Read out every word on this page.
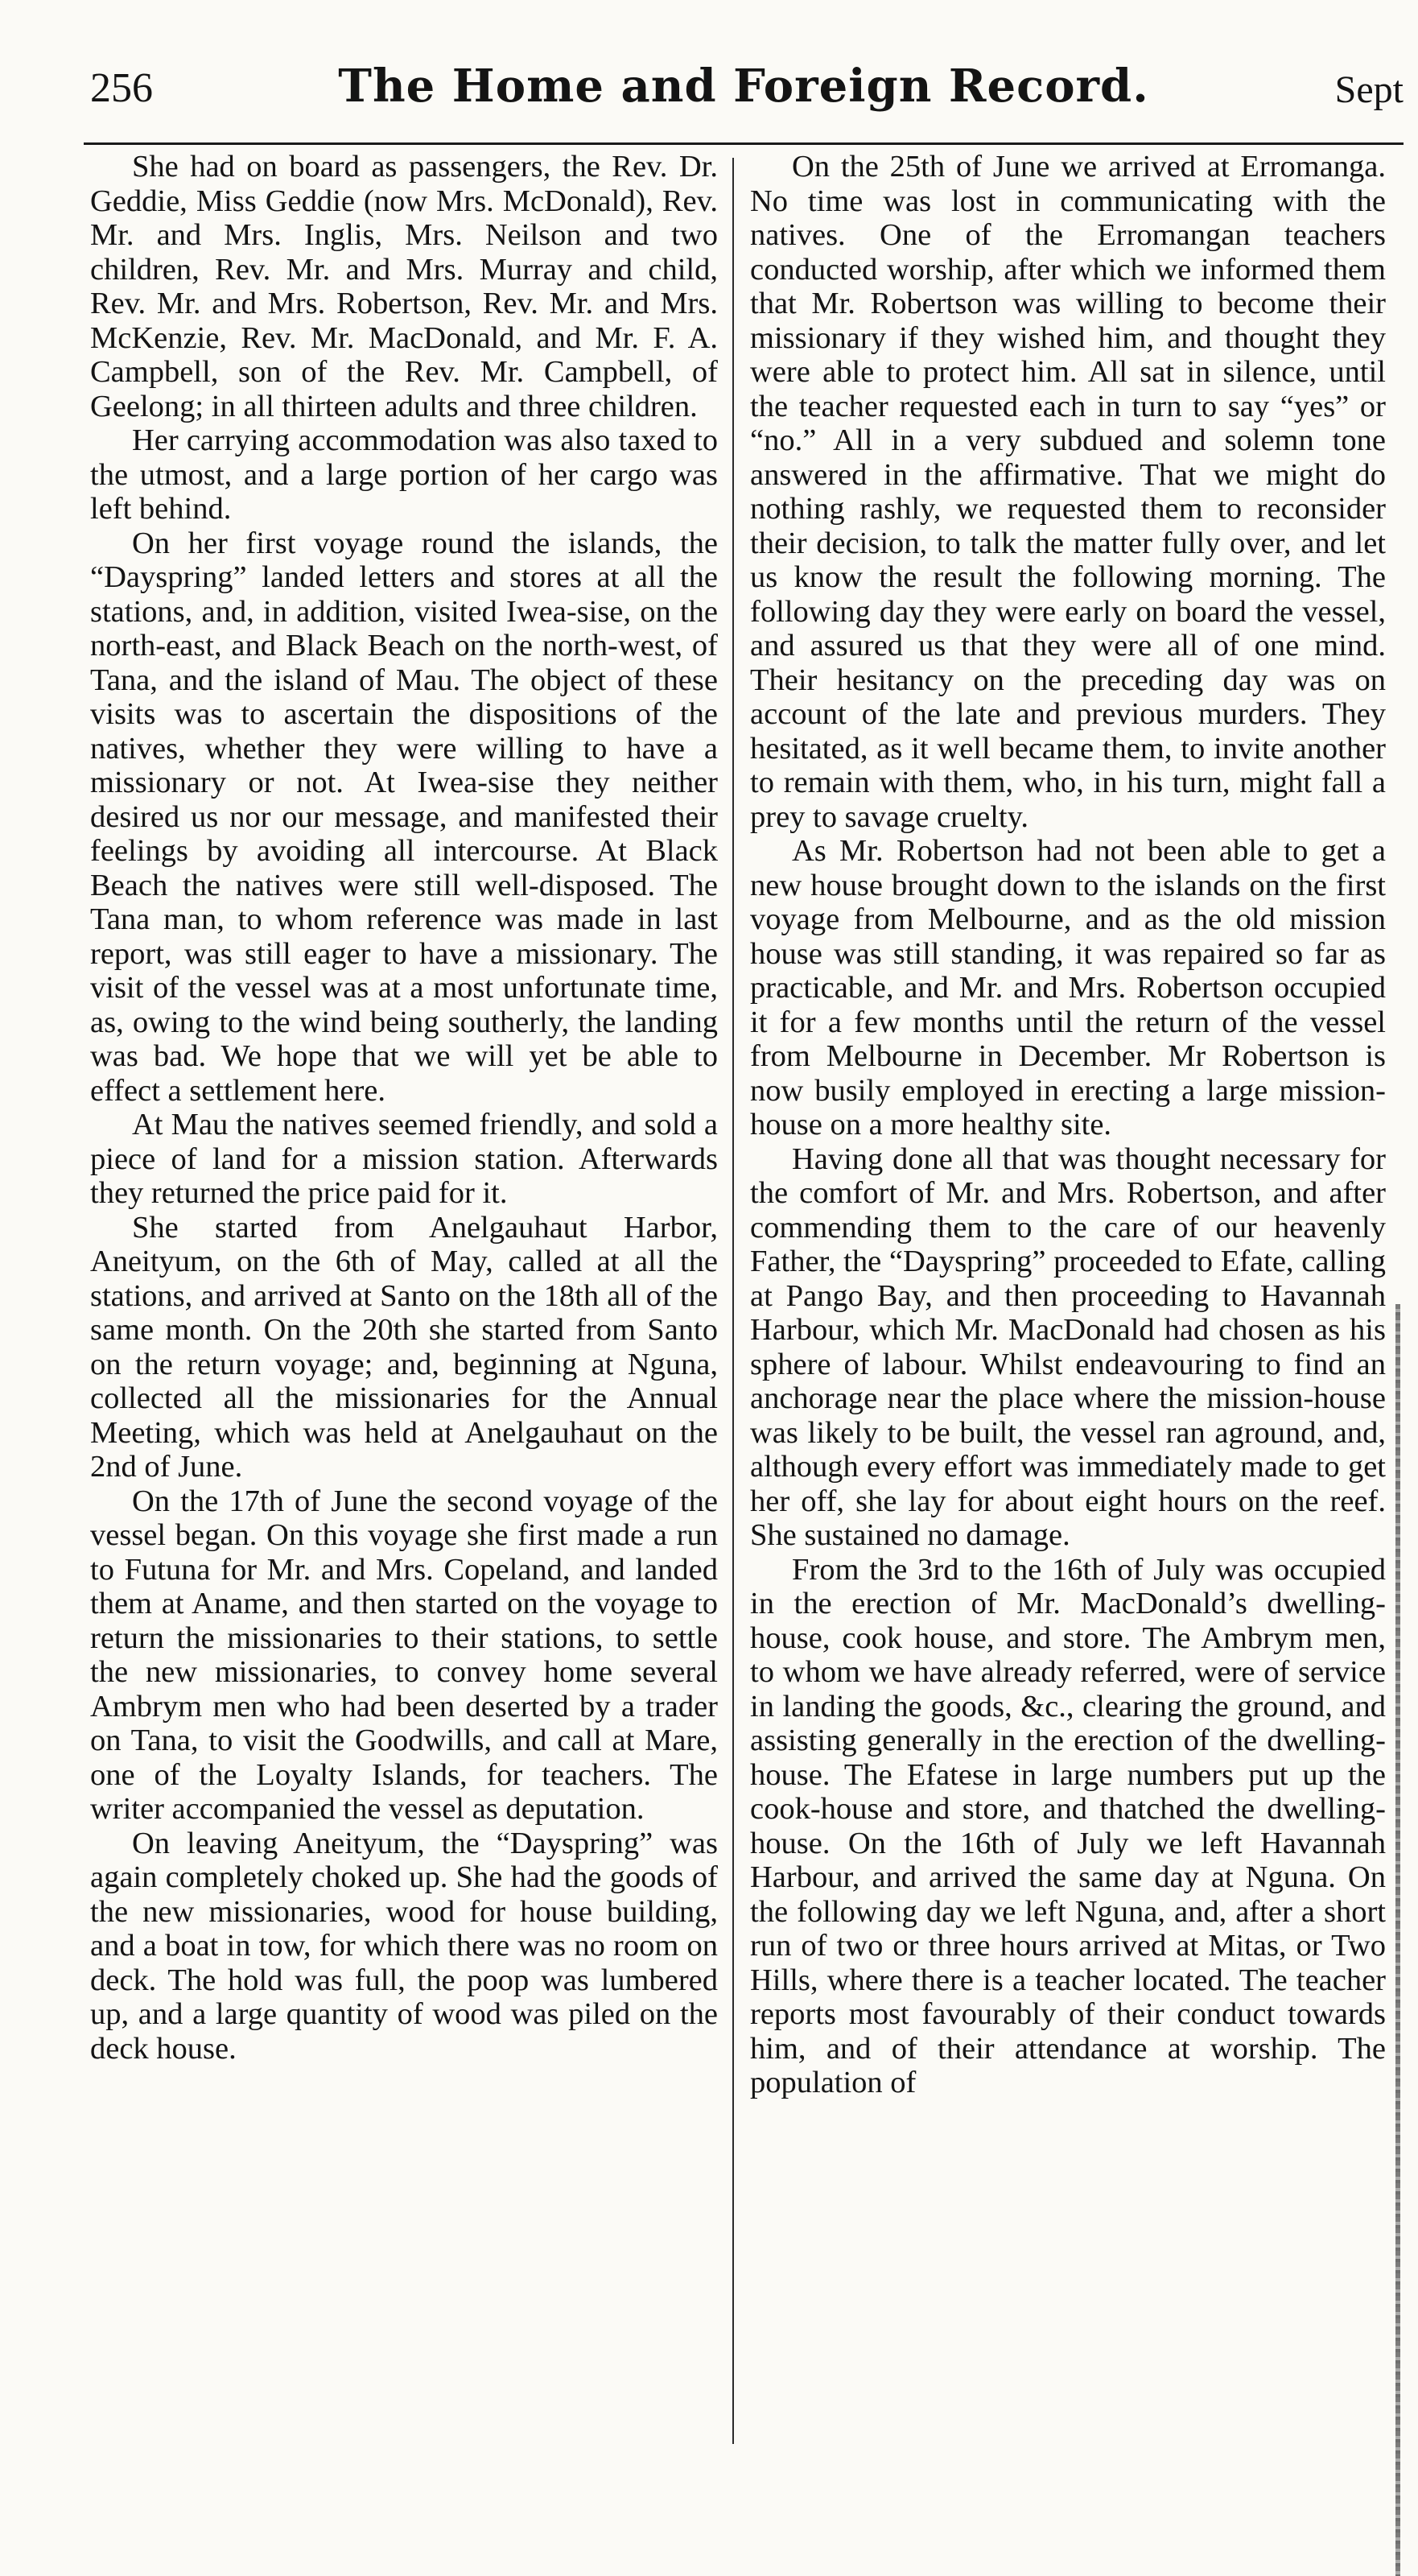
256	The Home and Foreign Record.	Sept

She had on board as passengers, the Rev. Dr. Geddie, Miss Geddie (now Mrs. McDonald), Rev. Mr. and Mrs. Inglis, Mrs. Neilson and two children, Rev. Mr. and Mrs. Murray and child, Rev. Mr. and Mrs. Robertson, Rev. Mr. and Mrs. McKenzie, Rev. Mr. MacDonald, and Mr. F. A. Campbell, son of the Rev. Mr. Campbell, of Geelong; in all thirteen adults and three children.

Her carrying accommodation was also taxed to the utmost, and a large portion of her cargo was left behind.

On her first voyage round the islands, the “Dayspring” landed letters and stores at all the stations, and, in addition, visited Iwea-sise, on the north-east, and Black Beach on the north-west, of Tana, and the island of Mau. The object of these visits was to ascertain the dispositions of the natives, whether they were willing to have a missionary or not. At Iwea-sise they neither desired us nor our message, and manifested their feelings by avoiding all intercourse. At Black Beach the natives were still well-disposed. The Tana man, to whom reference was made in last report, was still eager to have a missionary. The visit of the vessel was at a most unfortunate time, as, owing to the wind being southerly, the landing was bad. We hope that we will yet be able to effect a settlement here.

At Mau the natives seemed friendly, and sold a piece of land for a mission station. Afterwards they returned the price paid for it.

She started from Anelgauhaut Harbor, Aneityum, on the 6th of May, called at all the stations, and arrived at Santo on the 18th all of the same month. On the 20th she started from Santo on the return voyage; and, beginning at Nguna, collected all the missionaries for the Annual Meeting, which was held at Anelgauhaut on the 2nd of June.

On the 17th of June the second voyage of the vessel began. On this voyage she first made a run to Futuna for Mr. and Mrs. Copeland, and landed them at Aname, and then started on the voyage to return the missionaries to their stations, to settle the new missionaries, to convey home several Ambrym men who had been deserted by a trader on Tana, to visit the Goodwills, and call at Mare, one of the Loyalty Islands, for teachers. The writer accompanied the vessel as deputation.

On leaving Aneityum, the “Dayspring” was again completely choked up. She had the goods of the new missionaries, wood for house building, and a boat in tow, for which there was no room on deck. The hold was full, the poop was lumbered up, and a large quantity of wood was piled on the deck house.

On the 25th of June we arrived at Erromanga. No time was lost in communicating with the natives. One of the Erromangan teachers conducted worship, after which we informed them that Mr. Robertson was willing to become their missionary if they wished him, and thought they were able to protect him. All sat in silence, until the teacher requested each in turn to say “yes” or “no.” All in a very subdued and solemn tone answered in the affirmative. That we might do nothing rashly, we requested them to reconsider their decision, to talk the matter fully over, and let us know the result the following morning. The following day they were early on board the vessel, and assured us that they were all of one mind. Their hesitancy on the preceding day was on account of the late and previous murders. They hesitated, as it well became them, to invite another to remain with them, who, in his turn, might fall a prey to savage cruelty.

As Mr. Robertson had not been able to get a new house brought down to the islands on the first voyage from Melbourne, and as the old mission house was still standing, it was repaired so far as practicable, and Mr. and Mrs. Robertson occupied it for a few months until the return of the vessel from Melbourne in December. Mr Robertson is now busily employed in erecting a large mission-house on a more healthy site.

Having done all that was thought necessary for the comfort of Mr. and Mrs. Robertson, and after commending them to the care of our heavenly Father, the “Dayspring” proceeded to Efate, calling at Pango Bay, and then proceeding to Havannah Harbour, which Mr. MacDonald had chosen as his sphere of labour. Whilst endeavouring to find an anchorage near the place where the mission-house was likely to be built, the vessel ran aground, and, although every effort was immediately made to get her off, she lay for about eight hours on the reef. She sustained no damage.

From the 3rd to the 16th of July was occupied in the erection of Mr. MacDonald’s dwelling-house, cook house, and store. The Ambrym men, to whom we have already referred, were of service in landing the goods, &c., clearing the ground, and assisting generally in the erection of the dwelling-house. The Efatese in large numbers put up the cook-house and store, and thatched the dwelling-house. On the 16th of July we left Havannah Harbour, and arrived the same day at Nguna. On the following day we left Nguna, and, after a short run of two or three hours arrived at Mitas, or Two Hills, where there is a teacher located. The teacher reports most favourably of their conduct towards him, and of their attendance at worship. The population of
